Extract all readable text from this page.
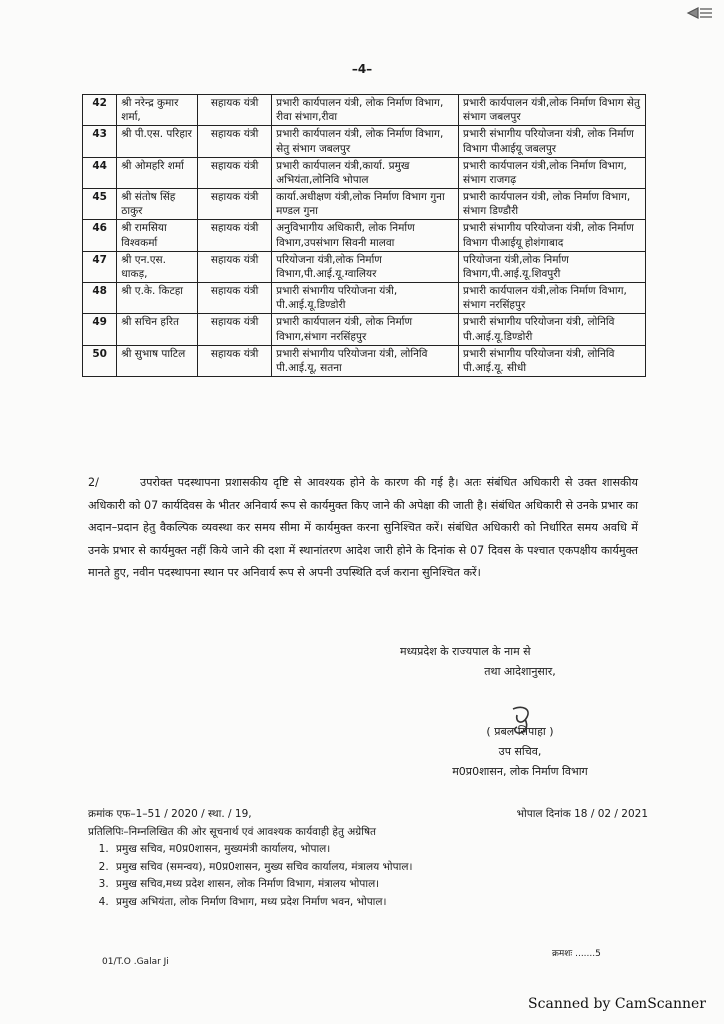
–4–
42	श्री नरेन्द्र कुमार शर्मा,	सहायक यंत्री	प्रभारी कार्यपालन यंत्री, लोक निर्माण विभाग, रीवा संभाग,रीवा	प्रभारी कार्यपालन यंत्री,लोक निर्माण विभाग सेतु संभाग जबलपुर
43	श्री पी.एस. परिहार	सहायक यंत्री	प्रभारी कार्यपालन यंत्री, लोक निर्माण विभाग, सेतु संभाग जबलपुर	प्रभारी संभागीय परियोजना यंत्री, लोक निर्माण विभाग पीआईयू जबलपुर
44	श्री ओमहरि शर्मा	सहायक यंत्री	प्रभारी कार्यपालन यंत्री,कार्या. प्रमुख अभियंता,लोनिवि भोपाल	प्रभारी कार्यपालन यंत्री,लोक निर्माण विभाग, संभाग राजगढ़
45	श्री संतोष सिंह ठाकुर	सहायक यंत्री	कार्या.अधीक्षण यंत्री,लोक निर्माण विभाग गुना मण्डल गुना	प्रभारी कार्यपालन यंत्री, लोक निर्माण विभाग, संभाग डिण्डौरी
46	श्री रामसिया विश्वकर्मा	सहायक यंत्री	अनुविभागीय अधिकारी, लोक निर्माण विभाग,उपसंभाग सिवनी मालवा	प्रभारी संभागीय परियोजना यंत्री, लोक निर्माण विभाग पीआईयू होशंगाबाद
47	श्री एन.एस. धाकड़,	सहायक यंत्री	परियोजना यंत्री,लोक निर्माण विभाग,पी.आई.यू.ग्वालियर	परियोजना यंत्री,लोक निर्माण विभाग,पी.आई.यू.शिवपुरी
48	श्री ए.के. किटहा	सहायक यंत्री	प्रभारी संभागीय परियोजना यंत्री, पी.आई.यू.डिण्डोरी	प्रभारी कार्यपालन यंत्री,लोक निर्माण विभाग, संभाग नरसिंहपुर
49	श्री सचिन हरित	सहायक यंत्री	प्रभारी कार्यपालन यंत्री, लोक निर्माण विभाग,संभाग नरसिंहपुर	प्रभारी संभागीय परियोजना यंत्री, लोनिवि पी.आई.यू.डिण्डोरी
50	श्री सुभाष पाटिल	सहायक यंत्री	प्रभारी संभागीय परियोजना यंत्री, लोनिवि पी.आई.यू, सतना	प्रभारी संभागीय परियोजना यंत्री, लोनिवि पी.आई.यू. सीधी
2/	उपरोक्त पदस्थापना प्रशासकीय दृष्टि से आवश्यक होने के कारण की गई है। अतः संबंधित अधिकारी से उक्त शासकीय अधिकारी को 07 कार्यदिवस के भीतर अनिवार्य रूप से कार्यमुक्त किए जाने की अपेक्षा की जाती है। संबंधित अधिकारी से उनके प्रभार का अदान–प्रदान हेतु वैकल्पिक व्यवस्था कर समय सीमा में कार्यमुक्त करना सुनिश्चित करें। संबंधित अधिकारी को निर्धारित समय अवधि में उनके प्रभार से कार्यमुक्त नहीं किये जाने की दशा में स्थानांतरण आदेश जारी होने के दिनांक से 07 दिवस के पश्चात एकपक्षीय कार्यमुक्त मानते हुए, नवीन पदस्थापना स्थान पर अनिवार्य रूप से अपनी उपस्थिति दर्ज कराना सुनिश्चित करें।
मध्यप्रदेश के राज्यपाल के नाम से
तथा आदेशानुसार,
( प्रबल सिपाहा )
उप सचिव,
म0प्र0शासन, लोक निर्माण विभाग
क्रमांक एफ–1–51 / 2020 / स्था. / 19,	भोपाल दिनांक 18 / 02 / 2021
प्रतिलिपिः–निम्नलिखित की ओर सूचनार्थ एवं आवश्यक कार्यवाही हेतु अग्रेषित
1. प्रमुख सचिव, म0प्र0शासन, मुख्यमंत्री कार्यालय, भोपाल।
2. प्रमुख सचिव (समन्वय), म0प्र0शासन, मुख्य सचिव कार्यालय, मंत्रालय भोपाल।
3. प्रमुख सचिव,मध्य प्रदेश शासन, लोक निर्माण विभाग, मंत्रालय भोपाल।
4. प्रमुख अभियंता, लोक निर्माण विभाग, मध्य प्रदेश निर्माण भवन, भोपाल।
01/T.O .Galar Ji
क्रमशः .......5
Scanned by CamScanner
